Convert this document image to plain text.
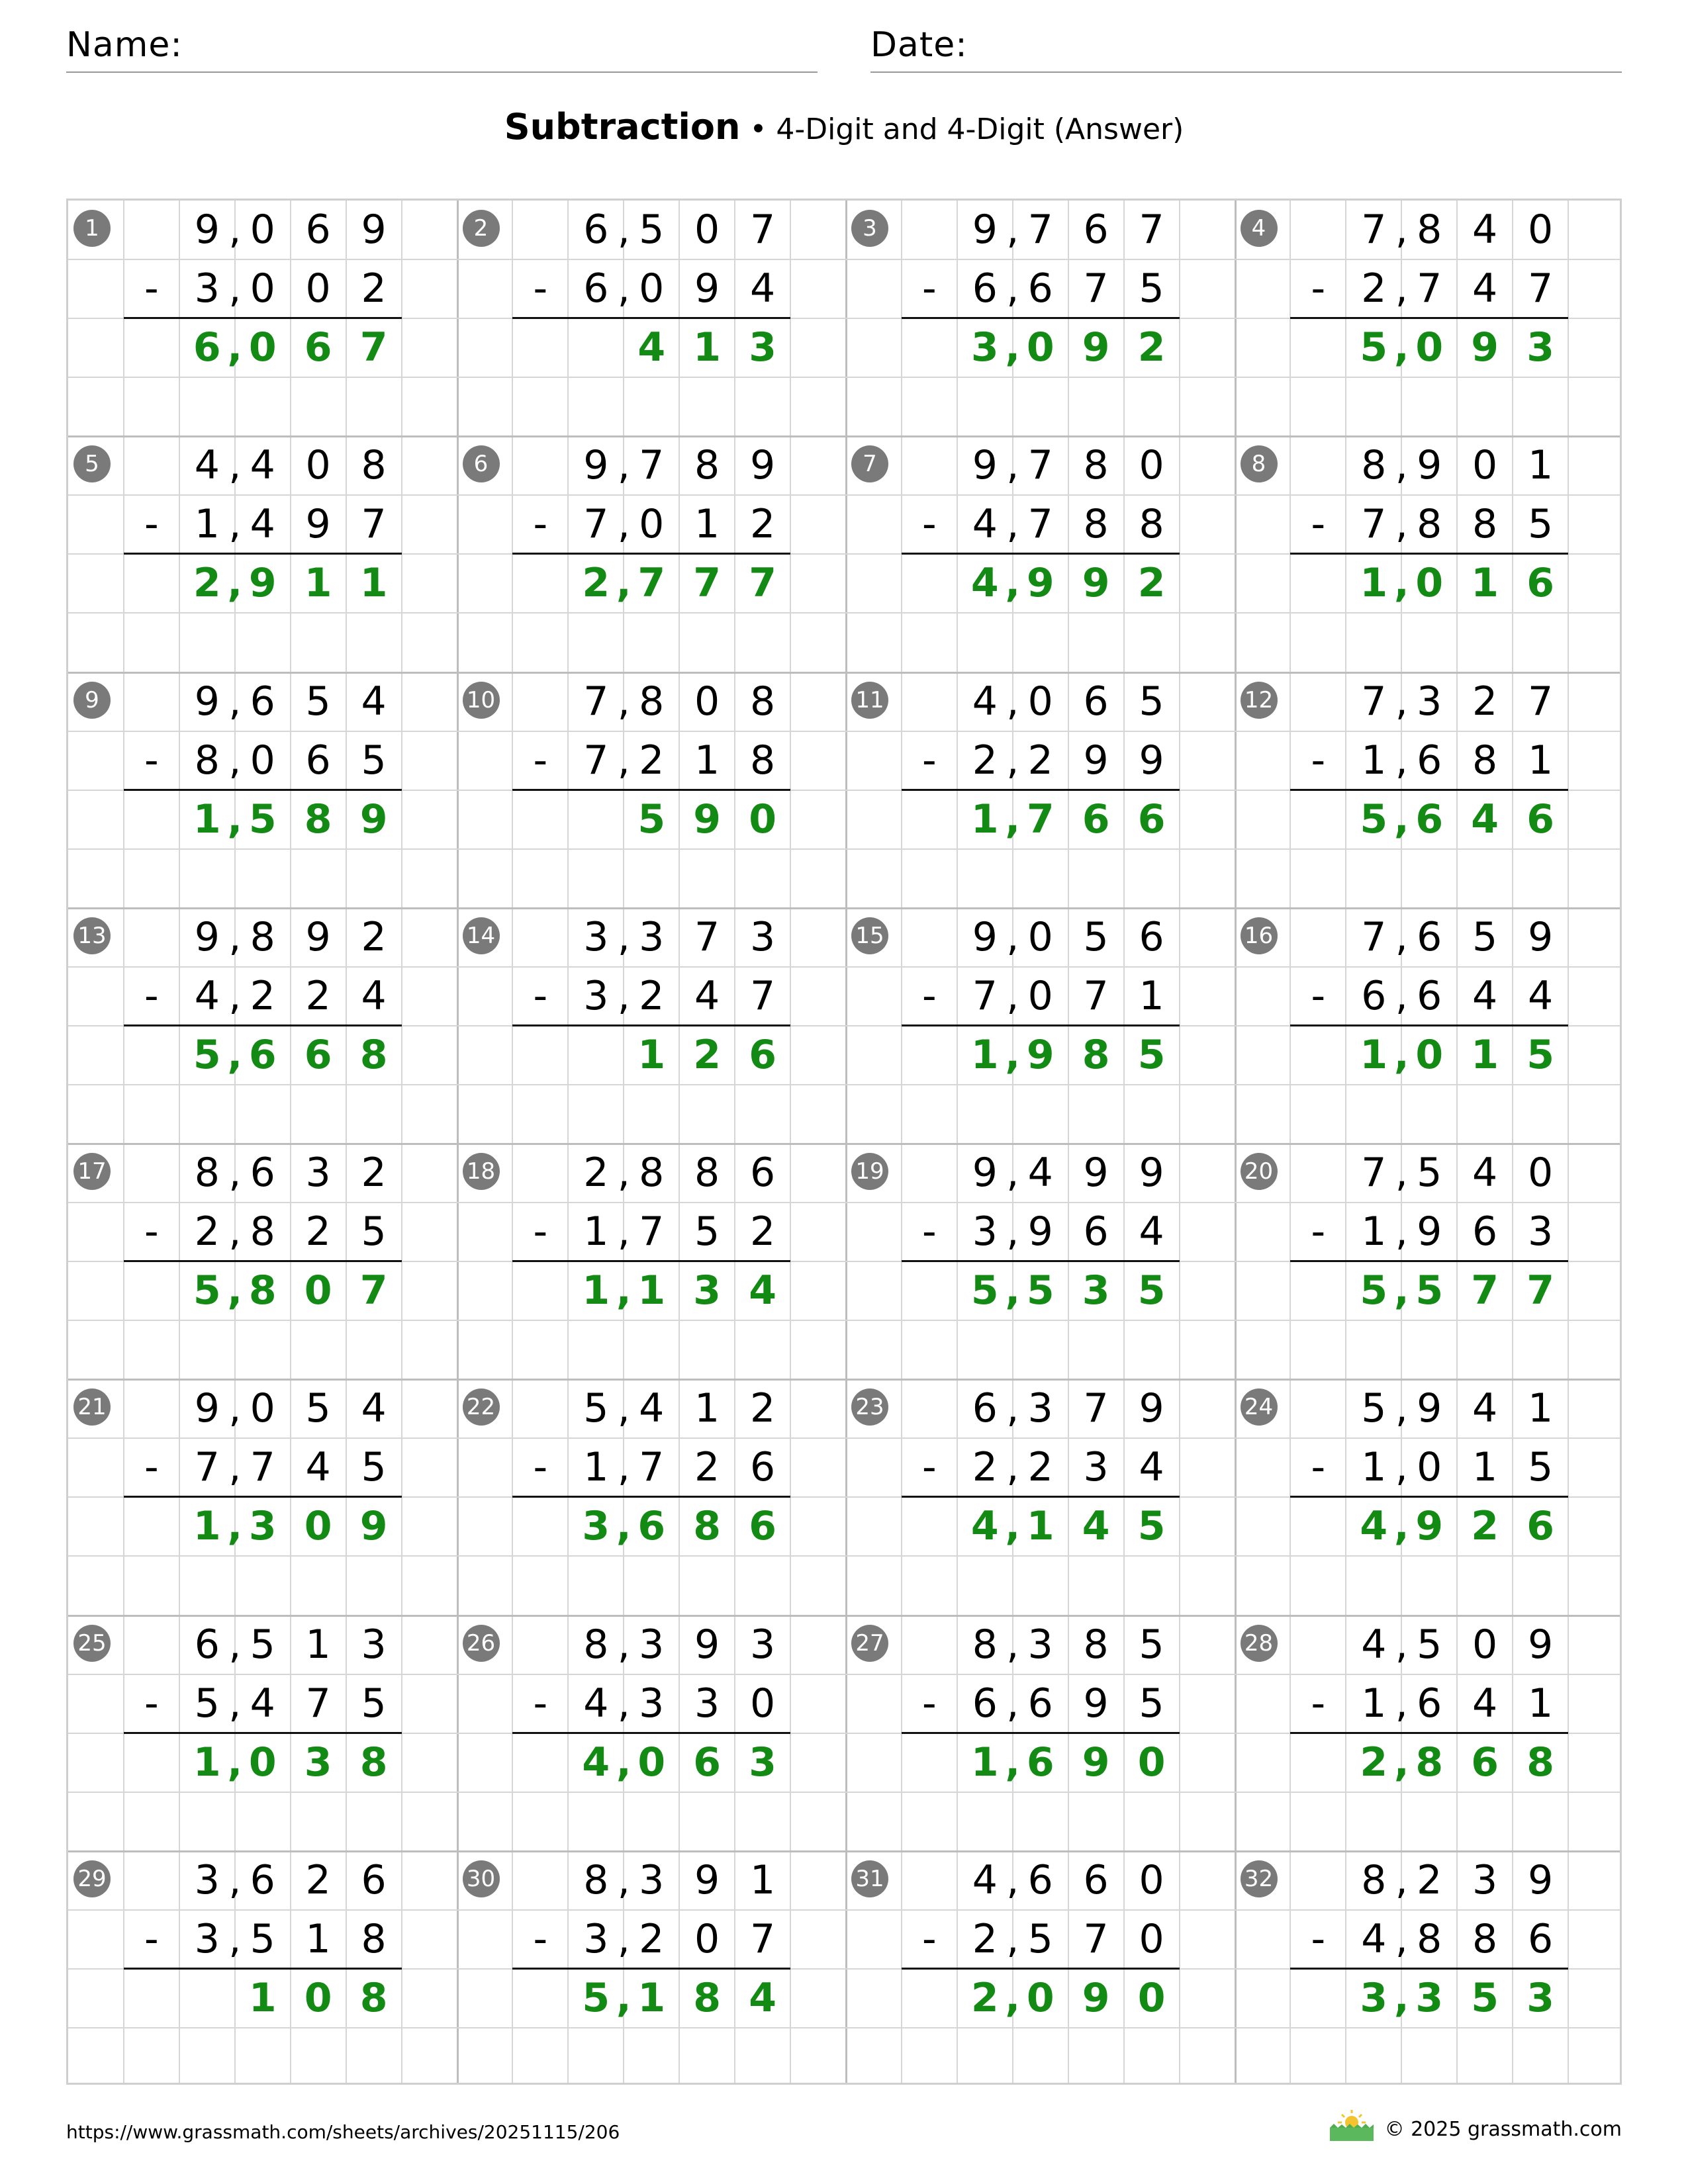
Name:	Date:
Subtraction • 4-Digit and 4-Digit (Answer)
1	9 0 6 9
,
- 3 0 0 2
,
6 0 6 7
,
2	6 5 0 7
,
- 6 0 9 4
,
4 1 3
3	9 7 6 7
,
- 6 6 7 5
,
3 0 9 2
,
4	7 8 4 0
,
- 2 7 4 7
,
5 0 9 3
,
5	4 4 0 8
,
- 1 4 9 7
,
2 9 1 1
,
6	9 7 8 9
,
- 7 0 1 2
,
2 7 7 7
,
7	9 7 8 0
,
- 4 7 8 8
,
4 9 9 2
,
8	8 9 0 1
,
- 7 8 8 5
,
1 0 1 6
,
9	9 6 5 4
,
- 8 0 6 5
,
1 5 8 9
,
10	7 8 0 8
,
- 7 2 1 8
,
5 9 0
11	4 0 6 5
,
- 2 2 9 9
,
1 7 6 6
,
12	7 3 2 7
,
- 1 6 8 1
,
5 6 4 6
,
13	9 8 9 2
,
- 4 2 2 4
,
5 6 6 8
,
14	3 3 7 3
,
- 3 2 4 7
,
1 2 6
15	9 0 5 6
,
- 7 0 7 1
,
1 9 8 5
,
16	7 6 5 9
,
- 6 6 4 4
,
1 0 1 5
,
17	8 6 3 2
,
- 2 8 2 5
,
5 8 0 7
,
18	2 8 8 6
,
- 1 7 5 2
,
1 1 3 4
,
19	9 4 9 9
,
- 3 9 6 4
,
5 5 3 5
,
20	7 5 4 0
,
- 1 9 6 3
,
5 5 7 7
,
21	9 0 5 4
,
- 7 7 4 5
,
1 3 0 9
,
22	5 4 1 2
,
- 1 7 2 6
,
3 6 8 6
,
23	6 3 7 9
,
- 2 2 3 4
,
4 1 4 5
,
24	5 9 4 1
,
- 1 0 1 5
,
4 9 2 6
,
25	6 5 1 3
,
- 5 4 7 5
,
1 0 3 8
,
26	8 3 9 3
,
- 4 3 3 0
,
4 0 6 3
,
27	8 3 8 5
,
- 6 6 9 5
,
1 6 9 0
,
28	4 5 0 9
,
- 1 6 4 1
,
2 8 6 8
,
29	3 6 2 6
,
- 3 5 1 8
,
1 0 8
30	8 3 9 1
,
- 3 2 0 7
,
5 1 8 4
,
31	4 6 6 0
,
- 2 5 7 0
,
2 0 9 0
,
32	8 2 3 9
,
- 4 8 8 6
,
3 3 5 3
,
https://www.grassmath.com/sheets/archives/20251115/206	© 2025 grassmath.com
